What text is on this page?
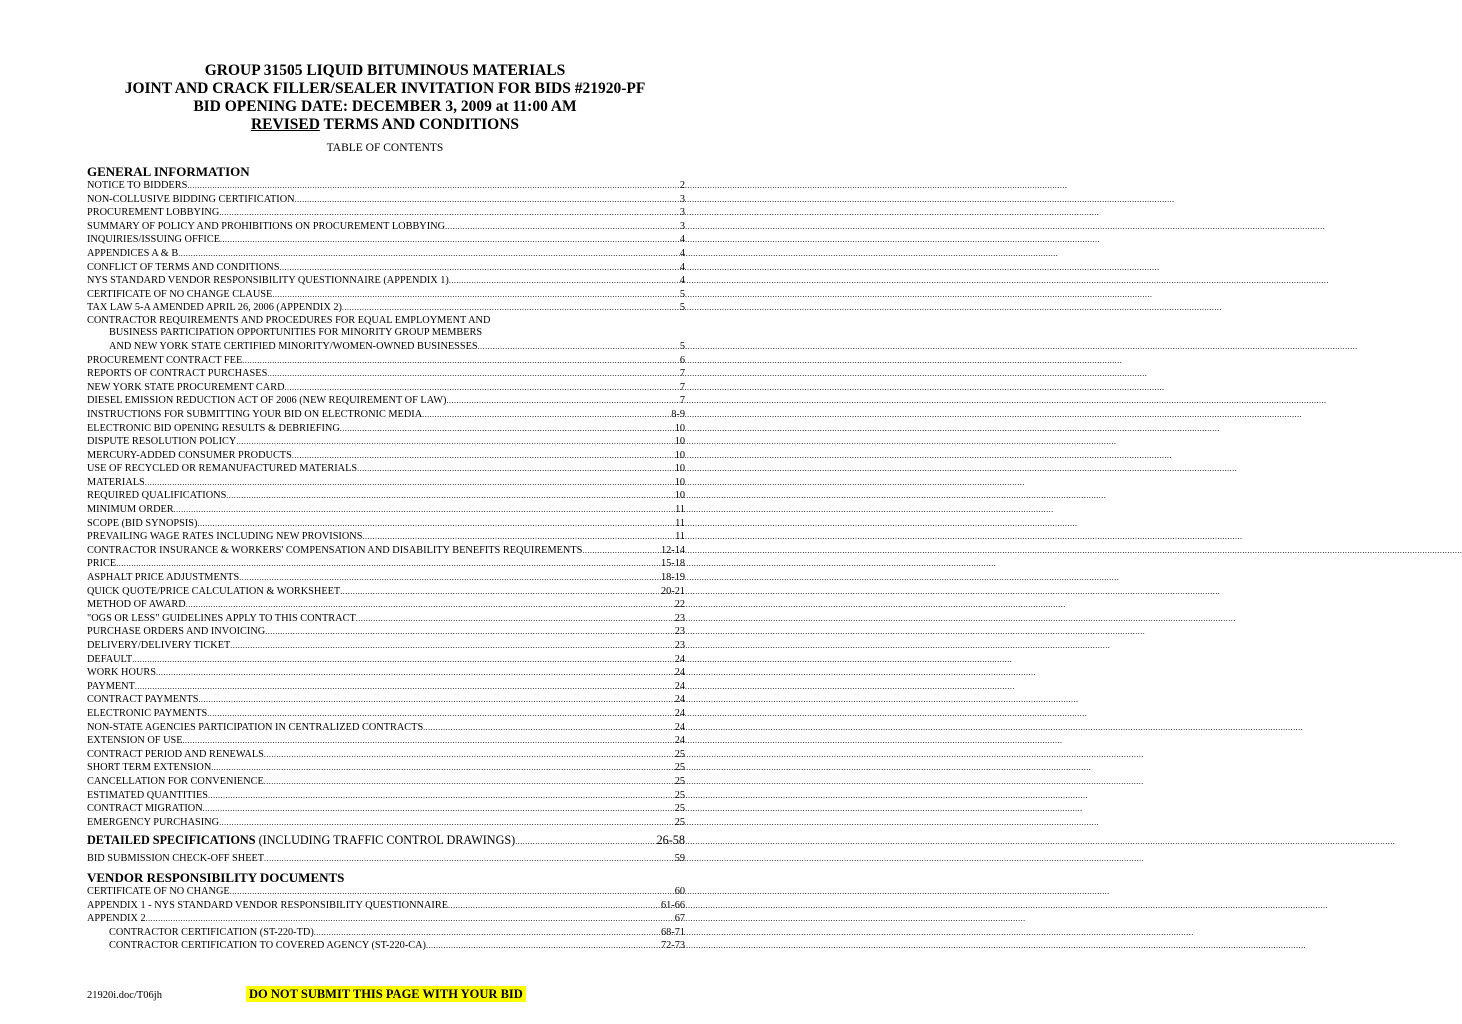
GROUP 31505 LIQUID BITUMINOUS MATERIALS
JOINT AND CRACK FILLER/SEALER INVITATION FOR BIDS #21920-PF
BID OPENING DATE: DECEMBER 3, 2009 at 11:00 AM
REVISED TERMS AND CONDITIONS
TABLE OF CONTENTS
GENERAL INFORMATION
NOTICE TO BIDDERS .....	2
NON-COLLUSIVE BIDDING CERTIFICATION .....	3
PROCUREMENT LOBBYING .....	3
SUMMARY OF POLICY AND PROHIBITIONS ON PROCUREMENT LOBBYING .....	3
INQUIRIES/ISSUING OFFICE .....	4
APPENDICES A & B .....	4
CONFLICT OF TERMS AND CONDITIONS .....	4
NYS STANDARD VENDOR RESPONSIBILITY QUESTIONNAIRE (APPENDIX 1) .....	4
CERTIFICATE OF NO CHANGE CLAUSE .....	5
TAX LAW 5-A AMENDED APRIL 26, 2006 (APPENDIX 2) .....	5
CONTRACTOR REQUIREMENTS AND PROCEDURES FOR EQUAL EMPLOYMENT AND
BUSINESS PARTICIPATION OPPORTUNITIES FOR MINORITY GROUP MEMBERS
AND NEW YORK STATE CERTIFIED MINORITY/WOMEN-OWNED BUSINESSES .....	5
PROCUREMENT CONTRACT FEE .....	6
REPORTS OF CONTRACT PURCHASES .....	7
NEW YORK STATE PROCUREMENT CARD .....	7
DIESEL EMISSION REDUCTION ACT OF 2006 (NEW REQUIREMENT OF LAW) .....	7
INSTRUCTIONS FOR SUBMITTING YOUR BID ON ELECTRONIC MEDIA .....	8-9
ELECTRONIC BID OPENING RESULTS & DEBRIEFING .....	10
DISPUTE RESOLUTION POLICY .....	10
MERCURY-ADDED CONSUMER PRODUCTS .....	10
USE OF RECYCLED OR REMANUFACTURED MATERIALS .....	10
MATERIALS .....	10
REQUIRED QUALIFICATIONS .....	10
MINIMUM ORDER .....	11
SCOPE (BID SYNOPSIS) .....	11
PREVAILING WAGE RATES INCLUDING NEW PROVISIONS .....	11
CONTRACTOR INSURANCE & WORKERS' COMPENSATION AND DISABILITY BENEFITS REQUIREMENTS .....	12-14
PRICE .....	15-18
ASPHALT PRICE ADJUSTMENTS .....	18-19
QUICK QUOTE/PRICE CALCULATION & WORKSHEET .....	20-21
METHOD OF AWARD .....	22
"OGS OR LESS" GUIDELINES APPLY TO THIS CONTRACT .....	23
PURCHASE ORDERS AND INVOICING .....	23
DELIVERY/DELIVERY TICKET .....	23
DEFAULT .....	24
WORK HOURS .....	24
PAYMENT .....	24
CONTRACT PAYMENTS .....	24
ELECTRONIC PAYMENTS .....	24
NON-STATE AGENCIES PARTICIPATION IN CENTRALIZED CONTRACTS .....	24
EXTENSION OF USE .....	24
CONTRACT PERIOD AND RENEWALS .....	25
SHORT TERM EXTENSION .....	25
CANCELLATION FOR CONVENIENCE .....	25
ESTIMATED QUANTITIES .....	25
CONTRACT MIGRATION .....	25
EMERGENCY PURCHASING .....	25
DETAILED SPECIFICATIONS (INCLUDING TRAFFIC CONTROL DRAWINGS) .....	26-58
BID SUBMISSION CHECK-OFF SHEET .....	59
VENDOR RESPONSIBILITY DOCUMENTS
CERTIFICATE OF NO CHANGE .....	60
APPENDIX 1 - NYS STANDARD VENDOR RESPONSIBILITY QUESTIONNAIRE .....	61-66
APPENDIX 2 .....	67
CONTRACTOR CERTIFICATION (ST-220-TD) .....	68-71
CONTRACTOR CERTIFICATION TO COVERED AGENCY (ST-220-CA) .....	72-73
21920i.doc/T06jh	DO NOT SUBMIT THIS PAGE WITH YOUR BID
